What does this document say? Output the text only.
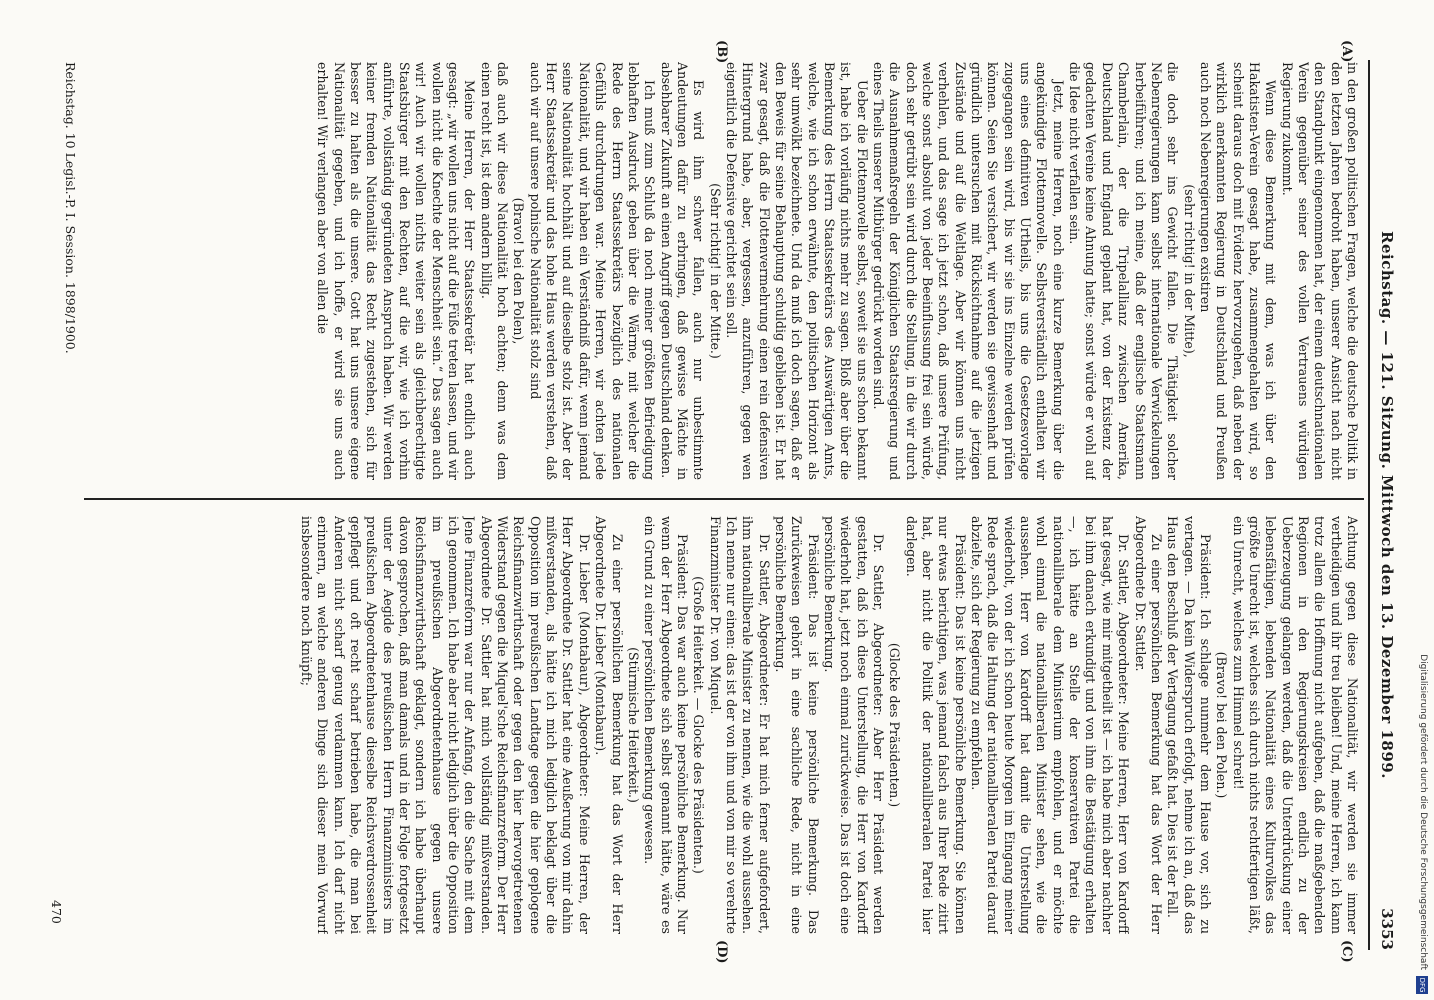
Digitalisierung gefördert durch die Deutsche Forschungsgemeinschaft
DFG
Reichstag. — 121. Sitzung. Mittwoch den 13. Dezember 1899.
3353
(A)
(B)
(C)
(D)

in den großen politischen Fragen, welche die deutsche Politik in den letzten Jahren bedroht haben, unserer Ansicht nach nicht den Standpunkt eingenommen hat, der einem deutschnationalen Verein gegenüber seiner des vollen Vertrauens würdigen Regierung zukommt.

Wenn diese Bemerkung mit dem, was ich über den Hakatisten-Verein gesagt habe, zusammengehalten wird, so scheint daraus doch mit Evidenz hervorzugehen, daß neben der wirklich anerkannten Regierung in Deutschland und Preußen auch noch Nebenregierungen existiren

(sehr richtig! in der Mitte),

die doch sehr ins Gewicht fallen. Die Thätigkeit solcher Nebenregierungen kann selbst internationale Verwickelungen herbeiführen; und ich meine, daß der englische Staatsmann Chamberlain, der die Tripelallianz zwischen Amerika, Deutschland und England geplant hat, von der Existenz der gedachten Vereine keine Ahnung hatte; sonst würde er wohl auf die Idee nicht verfallen sein.

Jetzt, meine Herren, noch eine kurze Bemerkung über die angekündigte Flottennovelle. Selbstverständlich enthalten wir uns eines definitiven Urtheils, bis uns die Gesetzesvorlage zugegangen sein wird, bis wir sie ins Einzelne werden prüfen können. Seien Sie versichert, wir werden sie gewissenhaft und gründlich untersuchen mit Rücksichtnahme auf die jetzigen Zustände und auf die Weltlage. Aber wir können uns nicht verhehlen, und das sage ich jetzt schon, daß unsere Prüfung, welche sonst absolut von jeder Beeinflussung frei sein würde, doch sehr getrübt sein wird durch die Stellung, in die wir durch die Ausnahmemaßregeln der Königlichen Staatsregierung und eines Theils unserer Mitbürger gedrückt worden sind.

Ueber die Flottennovelle selbst, soweit sie uns schon bekannt ist, habe ich vorläufig nichts mehr zu sagen. Bloß aber über die Bemerkung des Herrn Staatssekretärs des Auswärtigen Amts, welche, wie ich schon erwähnte, den politischen Horizont als sehr umwölkt bezeichnete. Und da muß ich doch sagen, daß er den Beweis für seine Behauptung schuldig geblieben ist. Er hat zwar gesagt, daß die Flottenvermehrung einen rein defensiven Hintergrund habe, aber, vergessen, anzuführen, gegen wen eigentlich die Defensive gerichtet sein soll.

(Sehr richtig! in der Mitte.)

Es wird ihm schwer fallen, auch nur unbestimmte Andeutungen dafür zu erbringen, daß gewisse Mächte in absehbarer Zukunft an einen Angriff gegen Deutschland denken.

Ich muß zum Schluß da noch meiner größten Befriedigung lebhaften Ausdruck geben über die Wärme, mit welcher die Rede des Herrn Staatssekretärs bezüglich des nationalen Gefühls durchdrungen war. Meine Herren, wir achten jede Nationalität, und wir haben ein Verständniß dafür, wenn jemand seine Nationalität hochhält und auf dieselbe stolz ist. Aber der Herr Staatssekretär und das hohe Haus werden verstehen, daß auch wir auf unsere polnische Nationalität stolz sind

(Bravo! bei den Polen),

daß auch wir diese Nationalität hoch achten; denn was dem einen recht ist, ist dem andern billig.

Meine Herren, der Herr Staatssekretär hat endlich auch gesagt: „wir wollen uns nicht auf die Füße treten lassen, und wir wollen nicht die Knechte der Menschheit sein.“ Das sagen auch wir! Auch wir wollen nichts weiter sein als gleichberechtigte Staatsbürger mit den Rechten, auf die wir, wie ich vorhin anführte, vollständig gegründeten Anspruch haben. Wir werden keiner fremden Nationalität das Recht zugestehen, sich für besser zu halten als die unsere. Gott hat uns unsere eigene Nationalität gegeben, und ich hoffe, er wird sie uns auch erhalten! Wir verlangen aber von allen die

Achtung gegen diese Nationalität, wir werden sie immer vertheidigen und ihr treu bleiben! Und, meine Herren, ich kann trotz allem die Hoffnung nicht aufgeben, daß die maßgebenden Regionen in den Regierungskreisen endlich zu der Ueberzeugung gelangen werden, daß die Unterdrückung einer lebensfähigen, lebenden Nationalität eines Kulturvolkes das größte Unrecht ist, welches sich durch nichts rechtfertigen läßt, ein Unrecht, welches zum Himmel schreit!

(Bravo! bei den Polen.)

Präsident: Ich schlage nunmehr dem Hause vor, sich zu vertagen. — Da kein Widerspruch erfolgt, nehme ich an, daß das Haus den Beschluß der Vertagung gefaßt hat. Dies ist der Fall.

Zu einer persönlichen Bemerkung hat das Wort der Herr Abgeordnete Dr. Sattler.

Dr. Sattler, Abgeordneter: Meine Herren, Herr von Kardorff hat gesagt, wie mir mitgetheilt ist — ich habe mich aber nachher bei ihm danach erkundigt und von ihm die Bestätigung erhalten —, ich hätte an Stelle der konservativen Partei die nationalliberale dem Ministerium empfohlen, und er möchte wohl einmal die nationalliberalen Minister sehen, wie die aussehen. Herr von Kardorff hat damit die Unterstellung wiederholt, von der ich schon heute Morgen im Eingang meiner Rede sprach, daß die Haltung der nationalliberalen Partei darauf abzielte, sich der Regierung zu empfehlen.

Präsident: Das ist keine persönliche Bemerkung. Sie können nur etwas berichtigen, was jemand falsch aus Ihrer Rede zitirt hat, aber nicht die Politik der nationalliberalen Partei hier darlegen.

(Glocke des Präsidenten.)

Dr. Sattler, Abgeordneter: Aber Herr Präsident werden gestatten, daß ich diese Unterstellung, die Herr von Kardorff wiederholt hat, jetzt noch einmal zurückweise. Das ist doch eine persönliche Bemerkung.

Präsident: Das ist keine persönliche Bemerkung. Das Zurückweisen gehört in eine sachliche Rede, nicht in eine persönliche Bemerkung.

Dr. Sattler, Abgeordneter: Er hat mich ferner aufgefordert, ihm nationalliberale Minister zu nennen, wie die wohl aussehen. Ich nenne nur einen: das ist der von ihm und von mir so verehrte Finanzminister Dr. von Miquel.

(Große Heiterkeit. — Glocke des Präsidenten.)

Präsident: Das war auch keine persönliche Bemerkung. Nur wenn der Herr Abgeordnete sich selbst genannt hätte, wäre es ein Grund zu einer persönlichen Bemerkung gewesen.

(Stürmische Heiterkeit.)

Zu einer persönlichen Bemerkung hat das Wort der Herr Abgeordnete Dr. Lieber (Montabaur).

Dr. Lieber (Montabaur), Abgeordneter: Meine Herren, der Herr Abgeordnete Dr. Sattler hat eine Aeußerung von mir dahin mißverstanden, als hätte ich mich lediglich beklagt über die Opposition im preußischen Landtage gegen die hier geplogene Reichsfinanzwirthschaft oder gegen den hier hervorgetretenen Widerstand gegen die Miquel'sche Reichsfinanzreform. Der Herr Abgeordnete Dr. Sattler hat mich vollständig mißverstanden. Jene Finanzreform war nur der Anfang, den die Sache mit dem ich genommen. Ich habe aber nicht lediglich über die Opposition im preußischen Abgeordnetenhause gegen unsere Reichsfinanzwirthschaft geklagt, sondern ich habe überhaupt davon gesprochen, daß man damals und in der Folge fortgesetzt unter der Aegide des preußischen Herrn Finanzministers im preußischen Abgeordnetenhause dieselbe Reichsverdrossenheit gepflegt und oft recht scharf betrieben habe, die man bei Anderen nicht scharf genug verdammen kann. Ich darf nicht erinnern, an welche anderen Dinge sich dieser mein Vorwurf insbesondere noch knüpft;

Reichstag. 10 Legisl.-P. I. Session. 1898/1900.
470
